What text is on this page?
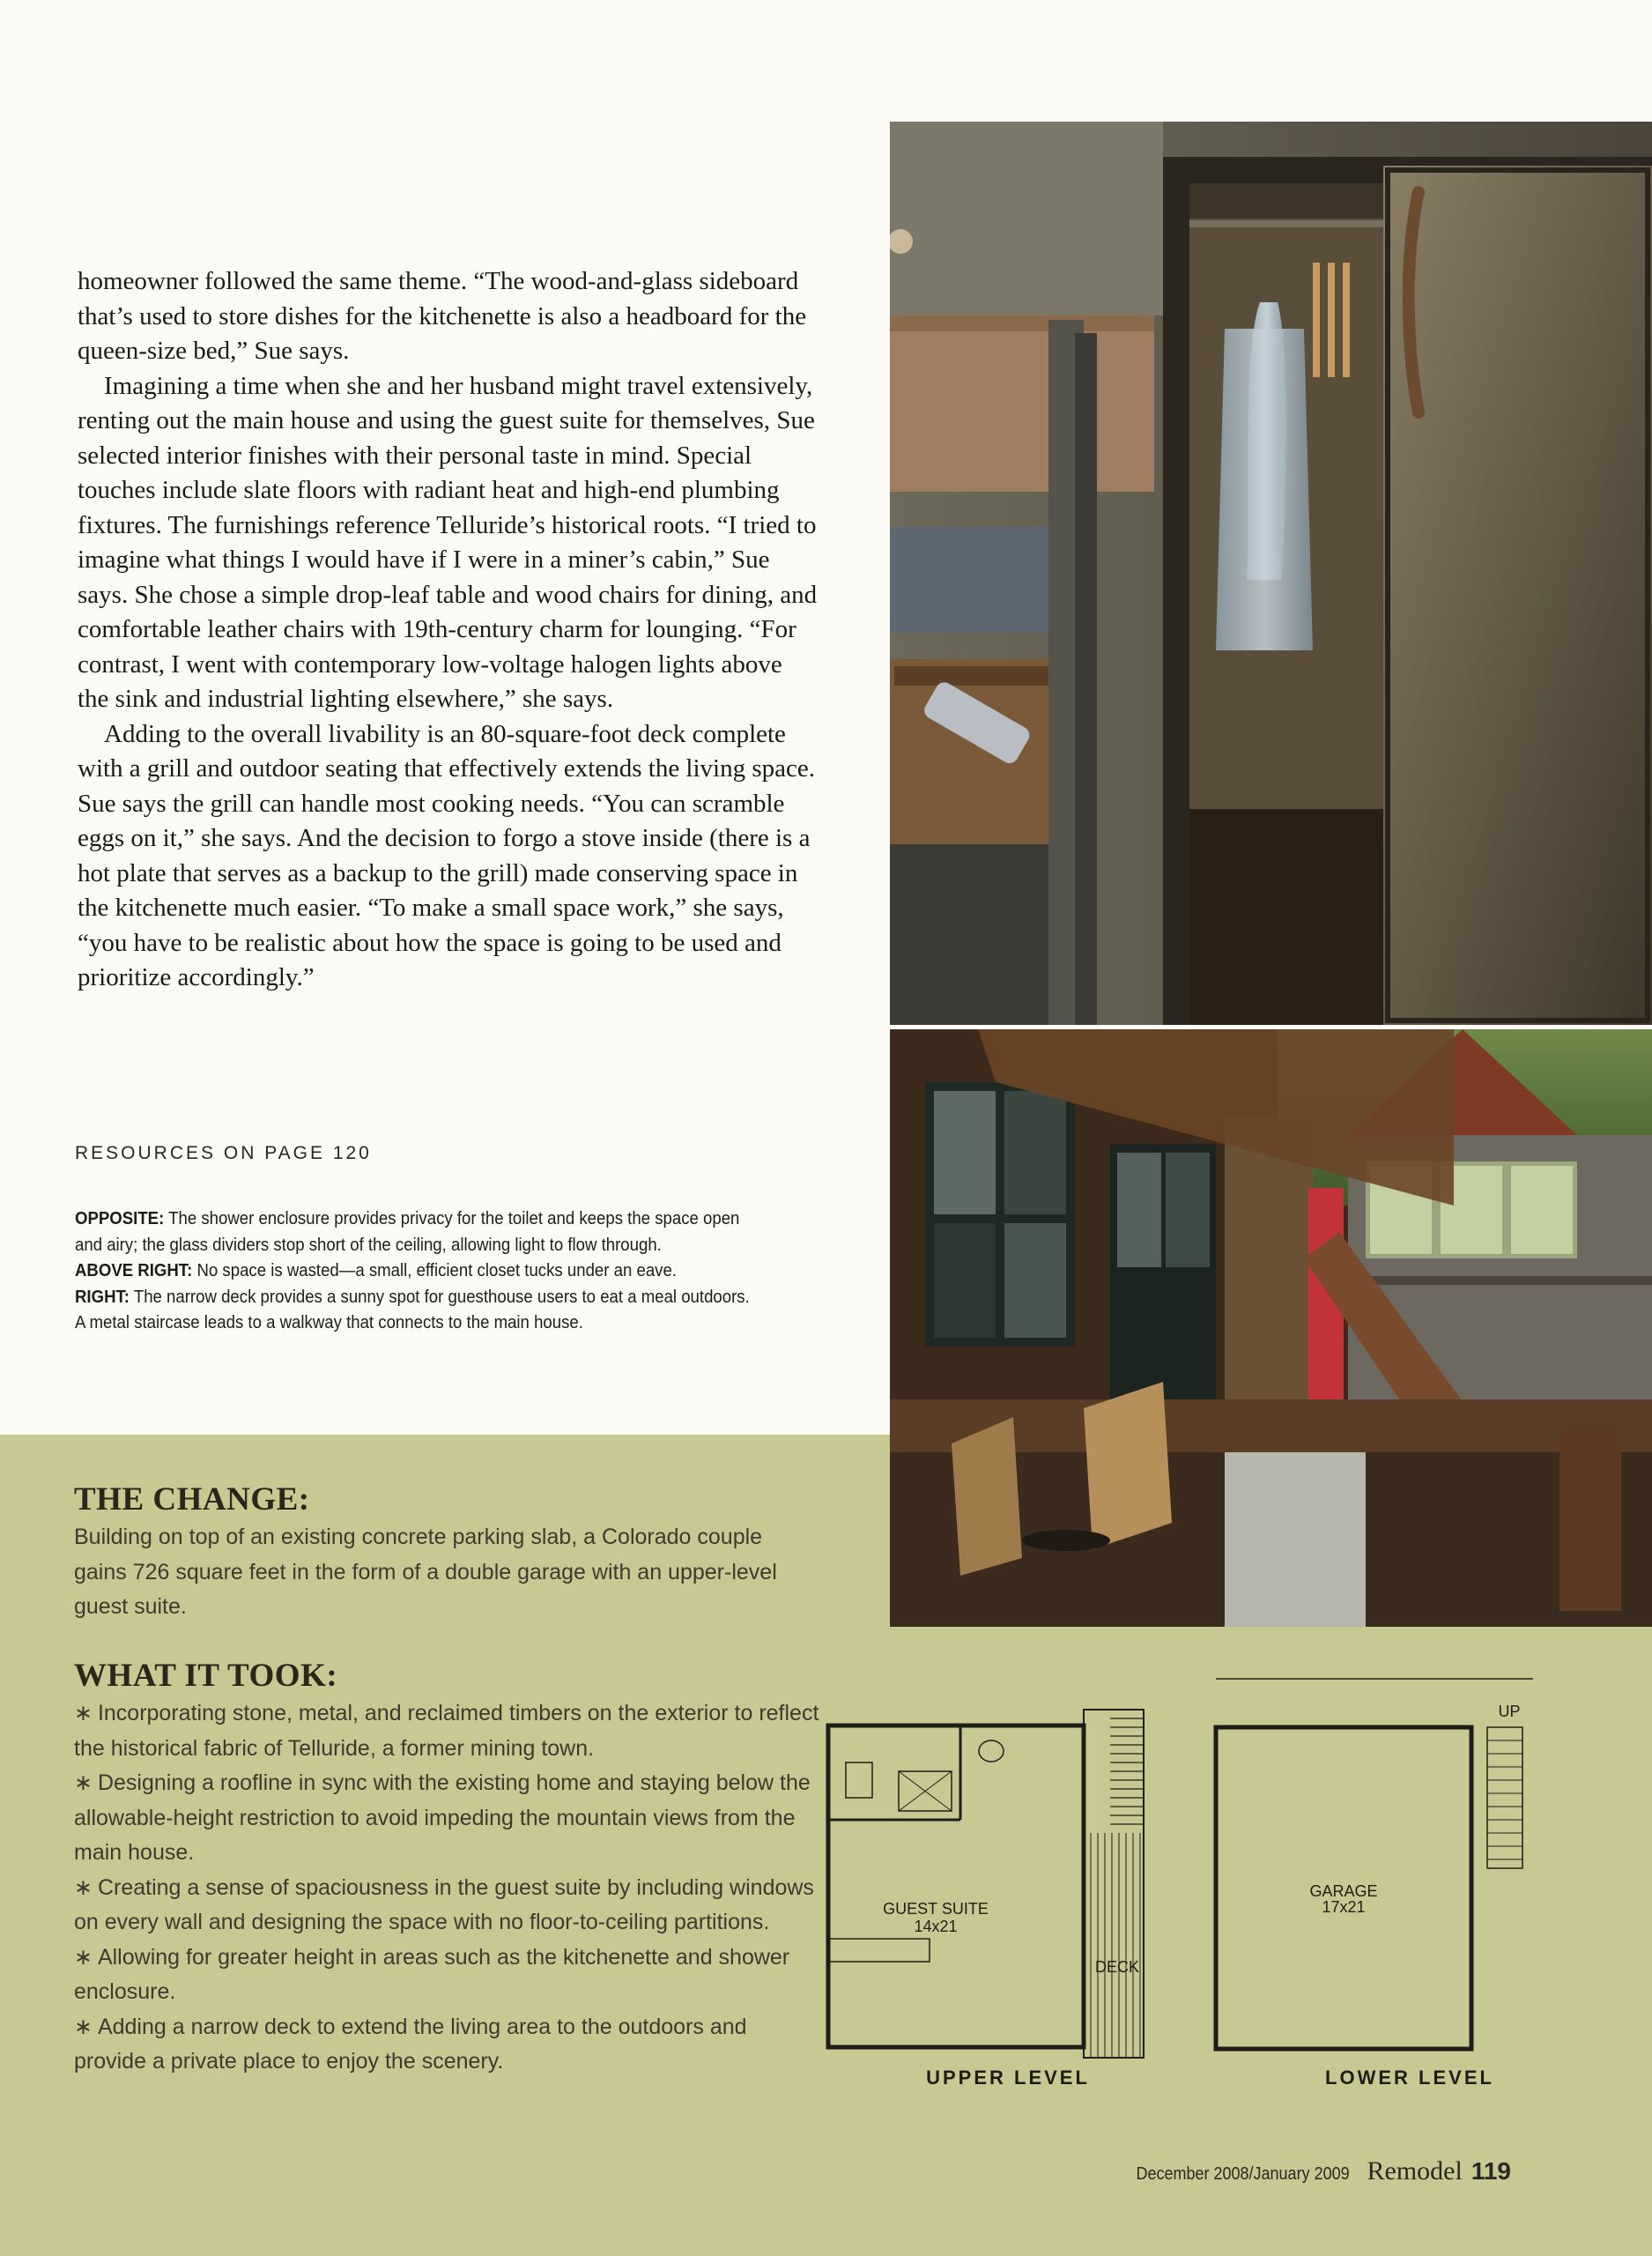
homeowner followed the same theme. “The wood-and-glass sideboard that’s used to store dishes for the kitchenette is also a headboard for the queen-size bed,” Sue says.

Imagining a time when she and her husband might travel extensively, renting out the main house and using the guest suite for themselves, Sue selected interior finishes with their personal taste in mind. Special touches include slate floors with radiant heat and high-end plumbing fixtures. The furnishings reference Telluride’s historical roots. “I tried to imagine what things I would have if I were in a miner’s cabin,” Sue says. She chose a simple drop-leaf table and wood chairs for dining, and comfortable leather chairs with 19th-century charm for lounging. “For contrast, I went with contemporary low-voltage halogen lights above the sink and industrial lighting elsewhere,” she says.

Adding to the overall livability is an 80-square-foot deck complete with a grill and outdoor seating that effectively extends the living space. Sue says the grill can handle most cooking needs. “You can scramble eggs on it,” she says. And the decision to forgo a stove inside (there is a hot plate that serves as a backup to the grill) made conserving space in the kitchenette much easier. “To make a small space work,” she says, “you have to be realistic about how the space is going to be used and prioritize accordingly.”

RESOURCES ON PAGE 120

OPPOSITE: The shower enclosure provides privacy for the toilet and keeps the space open and airy; the glass dividers stop short of the ceiling, allowing light to flow through.

ABOVE RIGHT: No space is wasted—a small, efficient closet tucks under an eave.

RIGHT: The narrow deck provides a sunny spot for guesthouse users to eat a meal outdoors. A metal staircase leads to a walkway that connects to the main house.

THE CHANGE:
Building on top of an existing concrete parking slab, a Colorado couple gains 726 square feet in the form of a double garage with an upper-level guest suite.
WHAT IT TOOK:
∗ Incorporating stone, metal, and reclaimed timbers on the exterior to reflect the historical fabric of Telluride, a former mining town.
∗ Designing a roofline in sync with the existing home and staying below the allowable-height restriction to avoid impeding the mountain views from the main house.
∗ Creating a sense of spaciousness in the guest suite by including windows on every wall and designing the space with no floor-to-ceiling partitions.
∗ Allowing for greater height in areas such as the kitchenette and shower enclosure.
∗ Adding a narrow deck to extend the living area to the outdoors and provide a private place to enjoy the scenery.
GUEST SUITE
14x21
DECK
UPPER LEVEL
GARAGE
17x21
UP
LOWER LEVEL
December 2008/January 2009 Remodel 119
